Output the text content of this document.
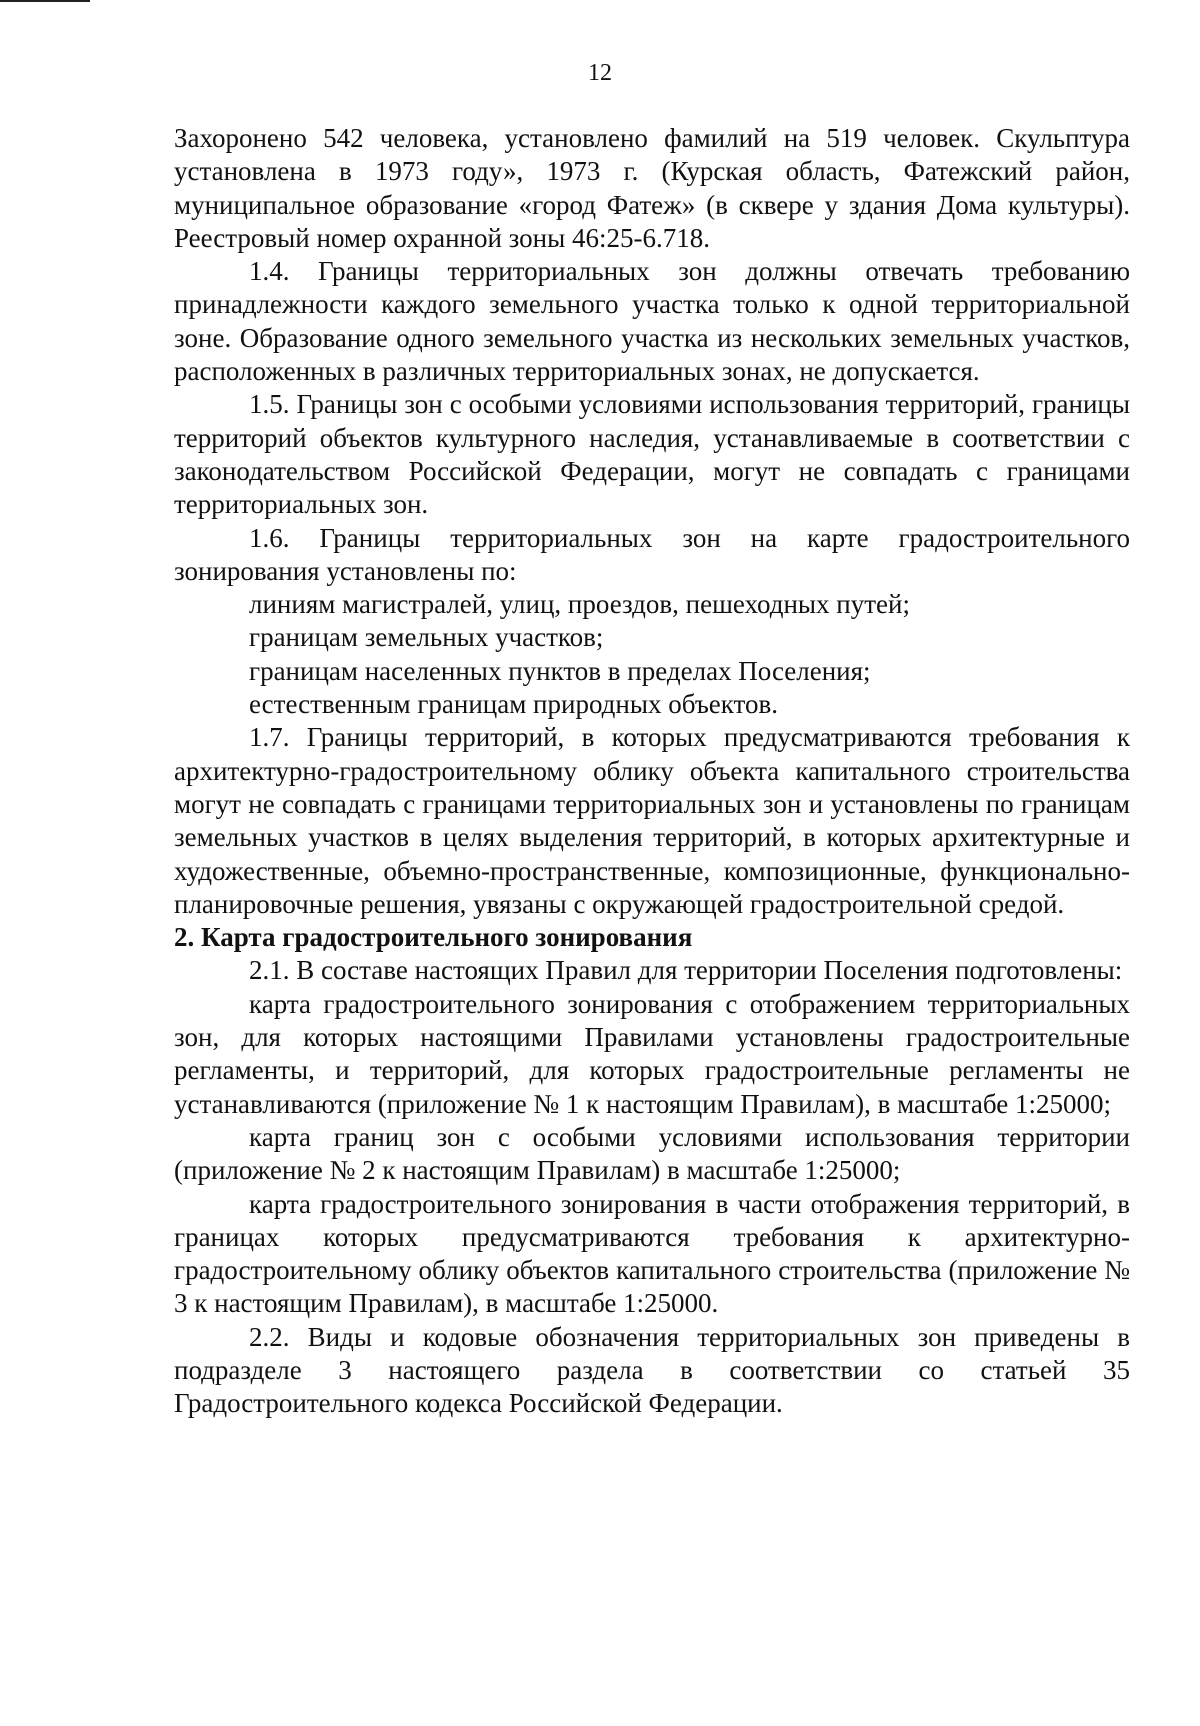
12

Захоронено 542 человека, установлено фамилий на 519 человек. Скульптура установлена в 1973 году», 1973 г. (Курская область, Фатежский район, муниципальное образование «город Фатеж» (в сквере у здания Дома культуры). Реестровый номер охранной зоны 46:25-6.718.

1.4. Границы территориальных зон должны отвечать требованию принадлежности каждого земельного участка только к одной территориальной зоне. Образование одного земельного участка из нескольких земельных участков, расположенных в различных территориальных зонах, не допускается.

1.5. Границы зон с особыми условиями использования территорий, границы территорий объектов культурного наследия, устанавливаемые в соответствии с законодательством Российской Федерации, могут не совпадать с границами территориальных зон.

1.6. Границы территориальных зон на карте градостроительного зонирования установлены по:

линиям магистралей, улиц, проездов, пешеходных путей;

границам земельных участков;

границам населенных пунктов в пределах Поселения;

естественным границам природных объектов.

1.7. Границы территорий, в которых предусматриваются требования к архитектурно-градостроительному облику объекта капитального строительства могут не совпадать с границами территориальных зон и установлены по границам земельных участков в целях выделения территорий, в которых архитектурные и художественные, объемно-пространственные, композиционные, функционально-планировочные решения, увязаны с окружающей градостроительной средой.

2. Карта градостроительного зонирования

2.1. В составе настоящих Правил для территории Поселения подготовлены:

карта градостроительного зонирования с отображением территориальных зон, для которых настоящими Правилами установлены градостроительные регламенты, и территорий, для которых градостроительные регламенты не устанавливаются (приложение № 1 к настоящим Правилам), в масштабе 1:25000;

карта границ зон с особыми условиями использования территории (приложение № 2 к настоящим Правилам) в масштабе 1:25000;

карта градостроительного зонирования в части отображения территорий, в границах которых предусматриваются требования к архитектурно-градостроительному облику объектов капитального строительства (приложение № 3 к настоящим Правилам), в масштабе 1:25000.

2.2. Виды и кодовые обозначения территориальных зон приведены в подразделе 3 настоящего раздела в соответствии со статьей 35 Градостроительного кодекса Российской Федерации.
